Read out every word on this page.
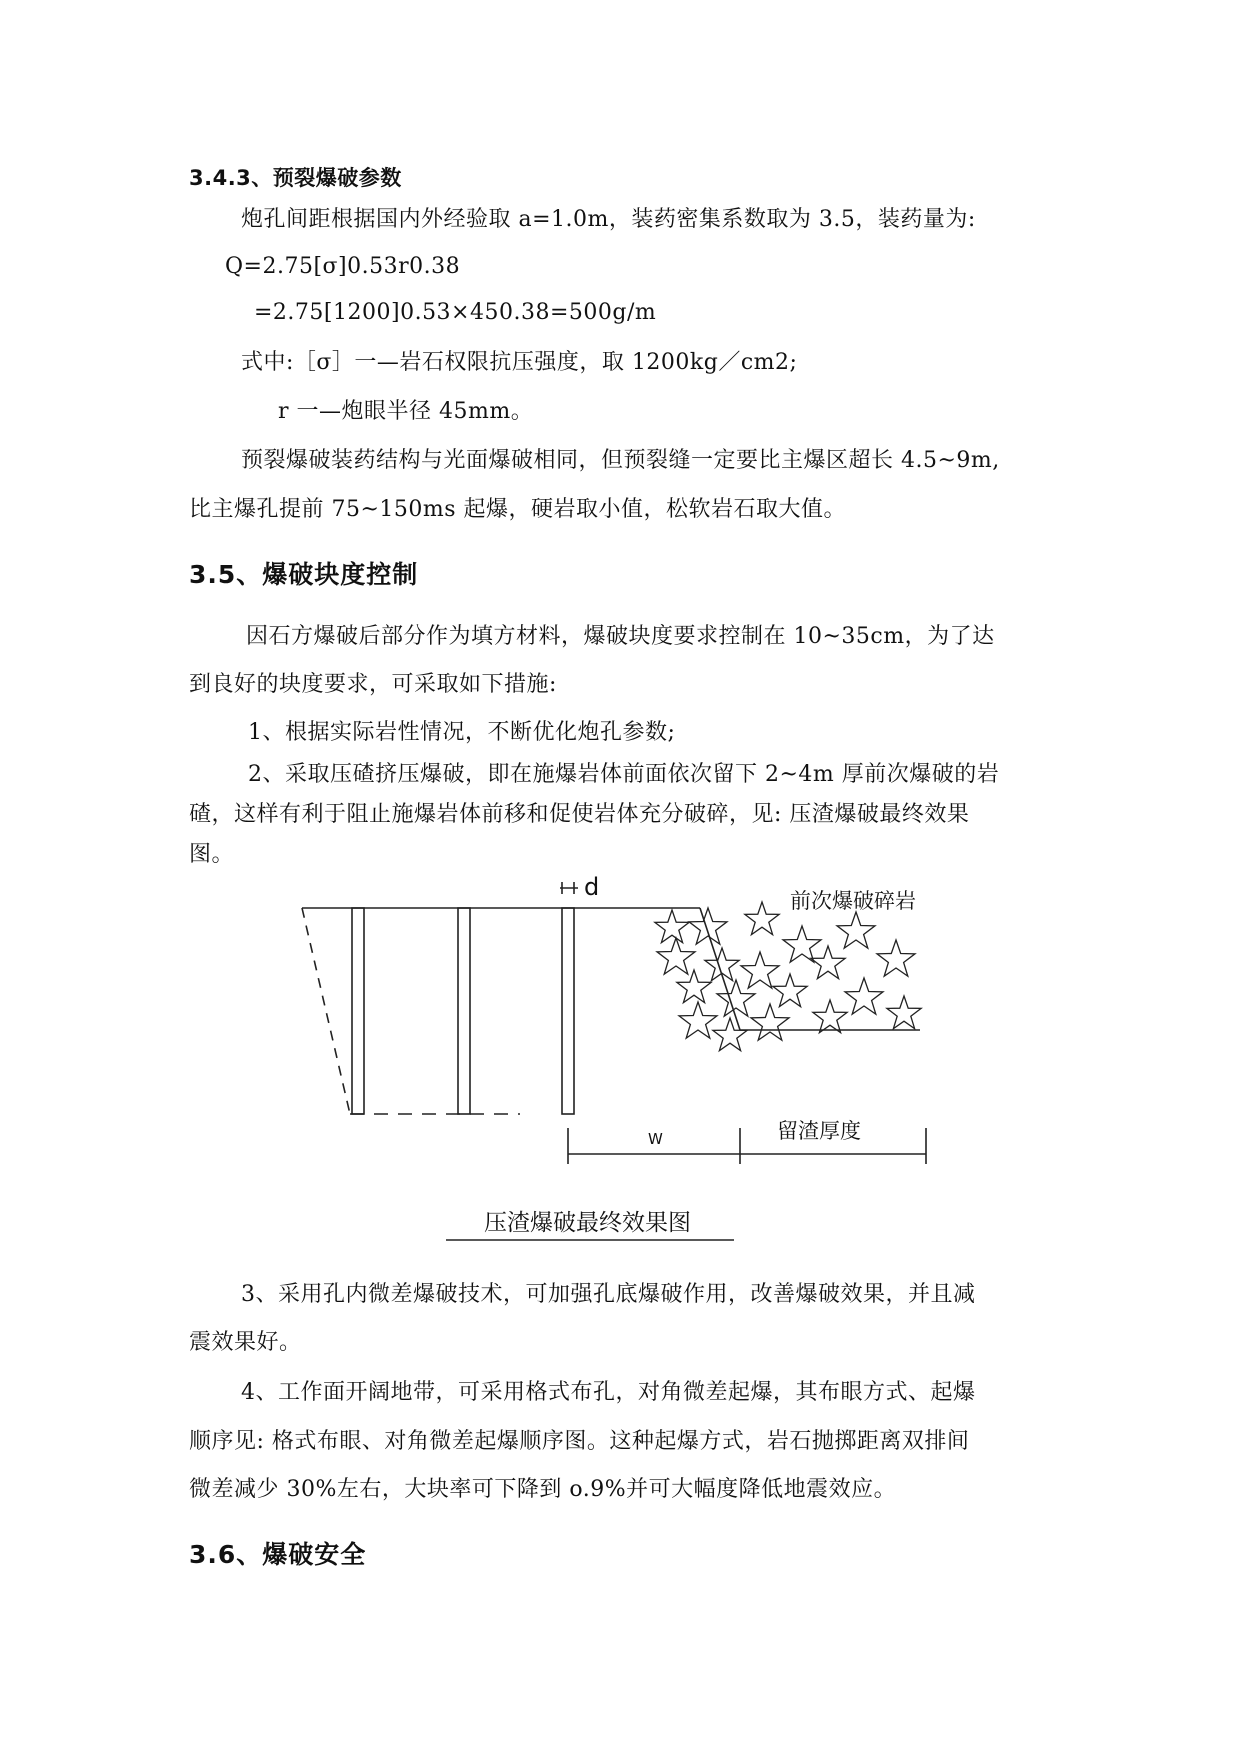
3.4.3、预裂爆破参数
炮孔间距根据国内外经验取 a=1.0m，装药密集系数取为 3.5，装药量为:
Q=2.75[σ]0.53r0.38
=2.75[1200]0.53×450.38=500g/m
式中:［σ］一—岩石权限抗压强度，取 1200kg／cm2;
r 一—炮眼半径 45mm。
预裂爆破装药结构与光面爆破相同，但预裂缝一定要比主爆区超长 4.5~9m,
比主爆孔提前 75~150ms 起爆，硬岩取小值，松软岩石取大值。
3.5、爆破块度控制
因石方爆破后部分作为填方材料，爆破块度要求控制在 10~35cm，为了达
到良好的块度要求，可采取如下措施:
1、根据实际岩性情况，不断优化炮孔参数;
2、采取压碴挤压爆破，即在施爆岩体前面依次留下 2~4m 厚前次爆破的岩
碴，这样有利于阻止施爆岩体前移和促使岩体充分破碎，见: 压渣爆破最终效果
图。
d	前次爆破碎岩
W	留渣厚度
压渣爆破最终效果图
3、采用孔内微差爆破技术，可加强孔底爆破作用，改善爆破效果，并且减
震效果好。
4、工作面开阔地带，可采用格式布孔，对角微差起爆，其布眼方式、起爆
顺序见: 格式布眼、对角微差起爆顺序图。这种起爆方式，岩石抛掷距离双排间
微差减少 30%左右，大块率可下降到 o.9%并可大幅度降低地震效应。
3.6、爆破安全
